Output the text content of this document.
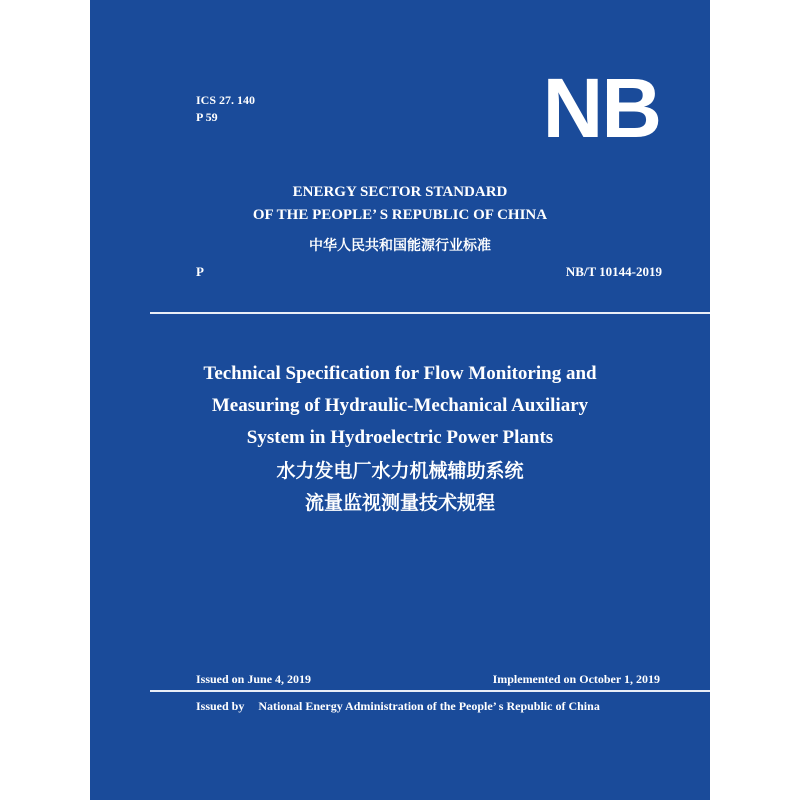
ICS 27. 140
P 59	NB
ENERGY SECTOR STANDARD
OF THE PEOPLE’ S REPUBLIC OF CHINA
中华人民共和国能源行业标准
P	NB/T 10144-2019
Technical Specification for Flow Monitoring and
Measuring of Hydraulic-Mechanical Auxiliary
System in Hydroelectric Power Plants
水力发电厂水力机械辅助系统
流量监视测量技术规程
Issued on June 4, 2019	Implemented on October 1, 2019
Issued by National Energy Administration of the People’ s Republic of China
